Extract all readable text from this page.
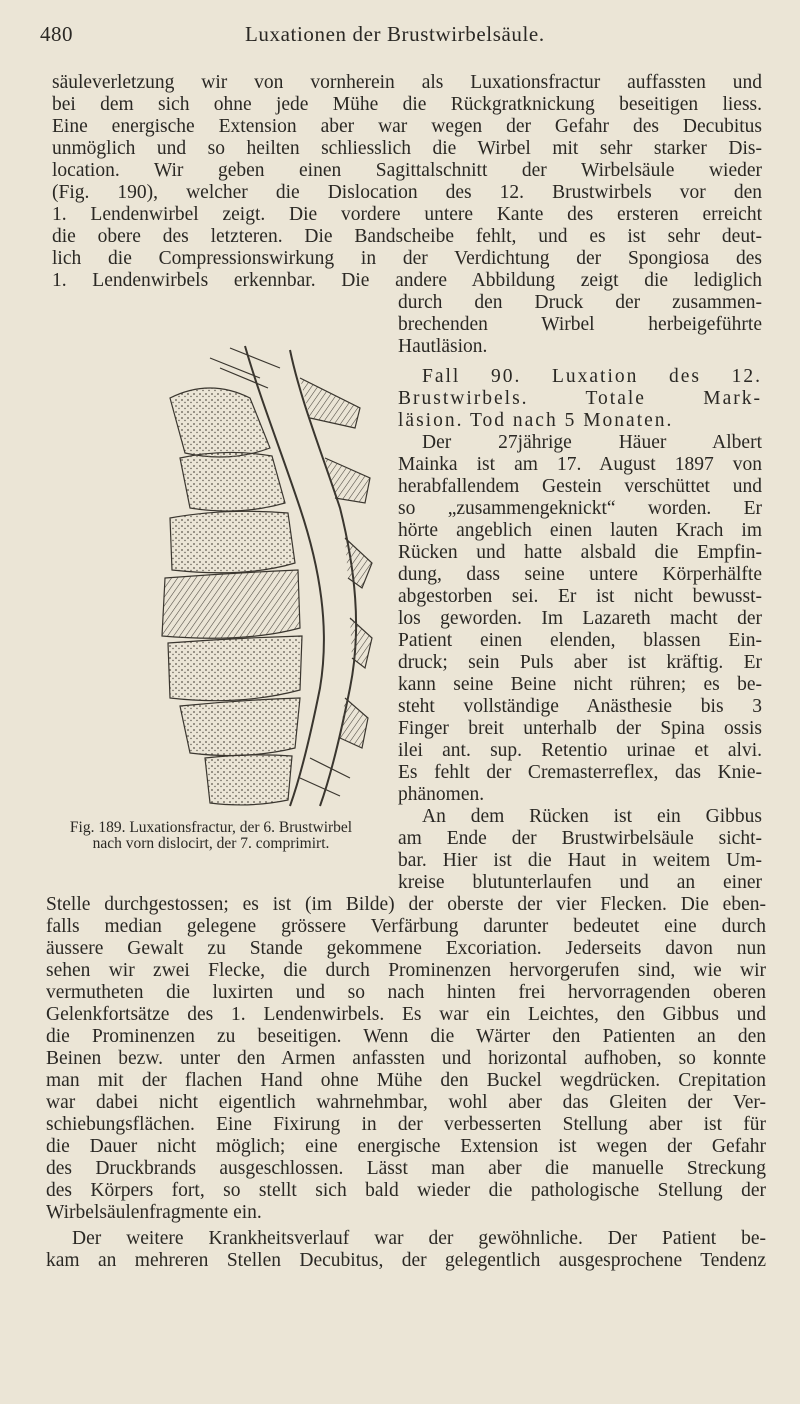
480	Luxationen der Brustwirbelsäule.
säuleverletzung wir von vornherein als Luxationsfractur auffassten und
bei dem sich ohne jede Mühe die Rückgratknickung beseitigen liess.
Eine energische Extension aber war wegen der Gefahr des Decubitus
unmöglich und so heilten schliesslich die Wirbel mit sehr starker Dis-
location. Wir geben einen Sagittalschnitt der Wirbelsäule wieder
(Fig. 190), welcher die Dislocation des 12. Brustwirbels vor den
1. Lendenwirbel zeigt. Die vordere untere Kante des ersteren erreicht
die obere des letzteren. Die Bandscheibe fehlt, und es ist sehr deut-
lich die Compressionswirkung in der Verdichtung der Spongiosa des
1. Lendenwirbels erkennbar. Die andere Abbildung zeigt die lediglich
durch den Druck der zusammen-
brechenden Wirbel herbeigeführte
Hautläsion.
Fall 90. Luxation des 12.
Brustwirbels. Totale Mark-
läsion. Tod nach 5 Monaten.
Der 27jährige Häuer Albert
Mainka ist am 17. August 1897 von
herabfallendem Gestein verschüttet und
so „zusammengeknickt“ worden. Er
hörte angeblich einen lauten Krach im
Rücken und hatte alsbald die Empfin-
dung, dass seine untere Körperhälfte
abgestorben sei. Er ist nicht bewusst-
los geworden. Im Lazareth macht der
Patient einen elenden, blassen Ein-
druck; sein Puls aber ist kräftig. Er
kann seine Beine nicht rühren; es be-
steht vollständige Anästhesie bis 3
Finger breit unterhalb der Spina ossis
ilei ant. sup. Retentio urinae et alvi.
Es fehlt der Cremasterreflex, das Knie-
phänomen.
An dem Rücken ist ein Gibbus
am Ende der Brustwirbelsäule sicht-
bar. Hier ist die Haut in weitem Um-
kreise blutunterlaufen und an einer
Fig. 189. Luxationsfractur, der 6. Brustwirbel
nach vorn dislocirt, der 7. comprimirt.
Stelle durchgestossen; es ist (im Bilde) der oberste der vier Flecken. Die eben-
falls median gelegene grössere Verfärbung darunter bedeutet eine durch
äussere Gewalt zu Stande gekommene Excoriation. Jederseits davon nun
sehen wir zwei Flecke, die durch Prominenzen hervorgerufen sind, wie wir
vermutheten die luxirten und so nach hinten frei hervorragenden oberen
Gelenkfortsätze des 1. Lendenwirbels. Es war ein Leichtes, den Gibbus und
die Prominenzen zu beseitigen. Wenn die Wärter den Patienten an den
Beinen bezw. unter den Armen anfassten und horizontal aufhoben, so konnte
man mit der flachen Hand ohne Mühe den Buckel wegdrücken. Crepitation
war dabei nicht eigentlich wahrnehmbar, wohl aber das Gleiten der Ver-
schiebungsflächen. Eine Fixirung in der verbesserten Stellung aber ist für
die Dauer nicht möglich; eine energische Extension ist wegen der Gefahr
des Druckbrands ausgeschlossen. Lässt man aber die manuelle Streckung
des Körpers fort, so stellt sich bald wieder die pathologische Stellung der
Wirbelsäulenfragmente ein.
Der weitere Krankheitsverlauf war der gewöhnliche. Der Patient be-
kam an mehreren Stellen Decubitus, der gelegentlich ausgesprochene Tendenz
